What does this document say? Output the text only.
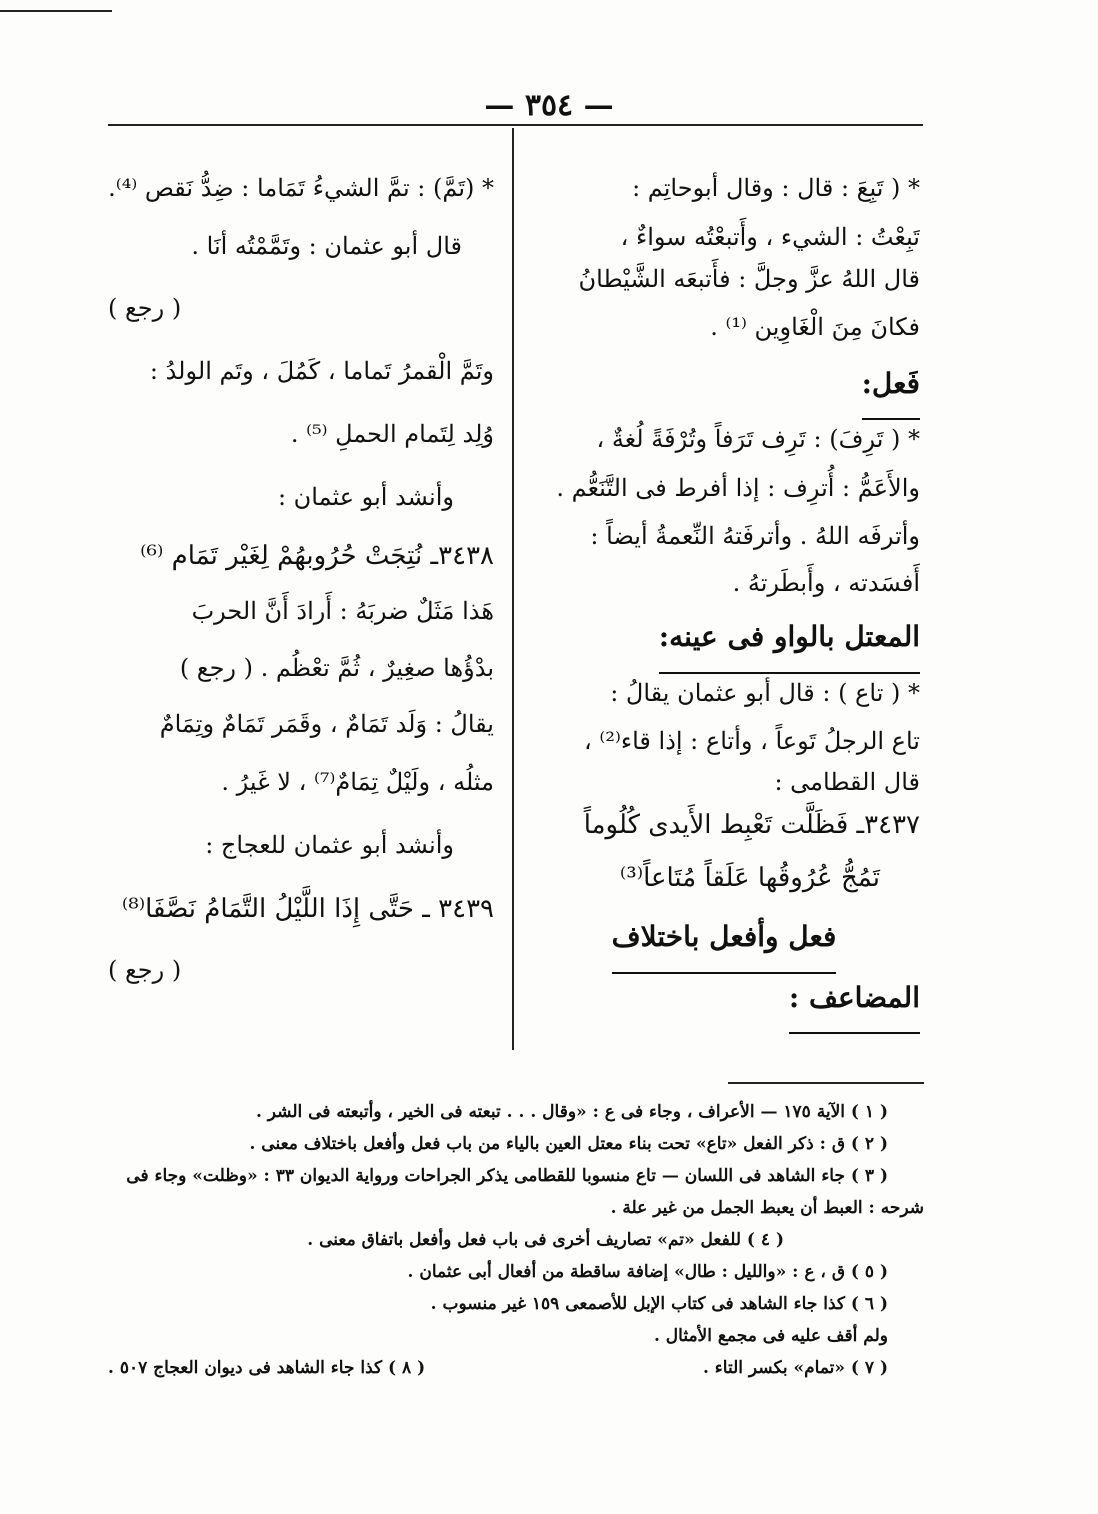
— ٣٥٤ —
* ( تَبِعَ : قال : وقال أبوحاتِم :
تَبِعْتُ : الشيء ، وأَتبعْتُه سواءٌ ،
قال اللهُ عزَّ وجلَّ : فأَتبعَه الشَّيْطانُ
فكانَ مِنَ الْغَاوِين ⁽¹⁾ .
فَعل:
* ( تَرِفَ) : تَرِف تَرَفاً وتُرْفَةً لُغةٌ ،
والأَعَمُّ : أُترِف : إذا أفرط فى التَّنَعُّم .
وأترفَه اللهُ . وأترفَتهُ النِّعمةُ أيضاً :
أَفسَدته ، وأَبطَرتهُ .
المعتل بالواو فى عينه:
* ( تاع ) : قال أبو عثمان يقالُ :
تاع الرجلُ تَوعاً ، وأتاع : إذا قاء⁽²⁾ ،
قال القطامى :
٣٤٣٧ـ فَظَلَّت تَعْبِط الأَيدى كُلُوماً
تَمُجُّ عُرُوقُها عَلَقاً مُتَاعاً⁽³⁾
فعل وأفعل باختلاف
المضاعف :
* (تَمَّ) : تمَّ الشيءُ تَمَاما : ضِدُّ نَقص ⁽⁴⁾.
قال أبو عثمان : وتَمَّمْتُه أنَا .
( رجع )
وتَمَّ الْقمرُ تَماما ، كَمُلَ ، وتَم الولدُ :
وُلِد لِتَمام الحملِ ⁽⁵⁾ .
وأنشد أبو عثمان :
٣٤٣٨ـ نُتِجَتْ حُرُوبهُمْ لِغَيْر تَمَام ⁽⁶⁾
هَذا مَثَلٌ ضربَهُ : أَرادَ أَنَّ الحربَ
بدْؤُها صغِيرٌ ، ثُمَّ تعْظُم . ( رجع )
يقالُ : وَلَد تَمَامٌ ، وقَمَر تَمَامٌ وتِمَامٌ
مثلُه ، ولَيْلٌ تِمَامٌ⁽⁷⁾ ، لا غَيرُ .
وأنشد أبو عثمان للعجاج :
٣٤٣٩ ـ حَتَّى إِذَا اللَّيْلُ التَّمَامُ نَصَّفَا⁽⁸⁾
( رجع )
( ١ ) الآية ١٧٥ — الأعراف ، وجاء فى ع : «وقال . . . تبعته فى الخير ، وأتبعته فى الشر .
( ٢ ) ق : ذكر الفعل «تاع» تحت بناء معتل العين بالياء من باب فعل وأفعل باختلاف معنى .
( ٣ ) جاء الشاهد فى اللسان — تاع منسوبا للقطامى يذكر الجراحات ورواية الديوان ٣٣ : «وظلت» وجاء فى
شرحه : العبط أن يعبط الجمل من غير علة .
( ٤ ) للفعل «تم» تصاريف أخرى فى باب فعل وأفعل باتفاق معنى .
( ٥ ) ق ، ع : «والليل : طال» إضافة ساقطة من أفعال أبى عثمان .
( ٦ ) كذا جاء الشاهد فى كتاب الإبل للأصمعى ١٥٩ غير منسوب .
ولم أقف عليه فى مجمع الأمثال .
( ٧ ) «تمام» بكسر التاء .
( ٨ ) كذا جاء الشاهد فى ديوان العجاج ٥٠٧ .
